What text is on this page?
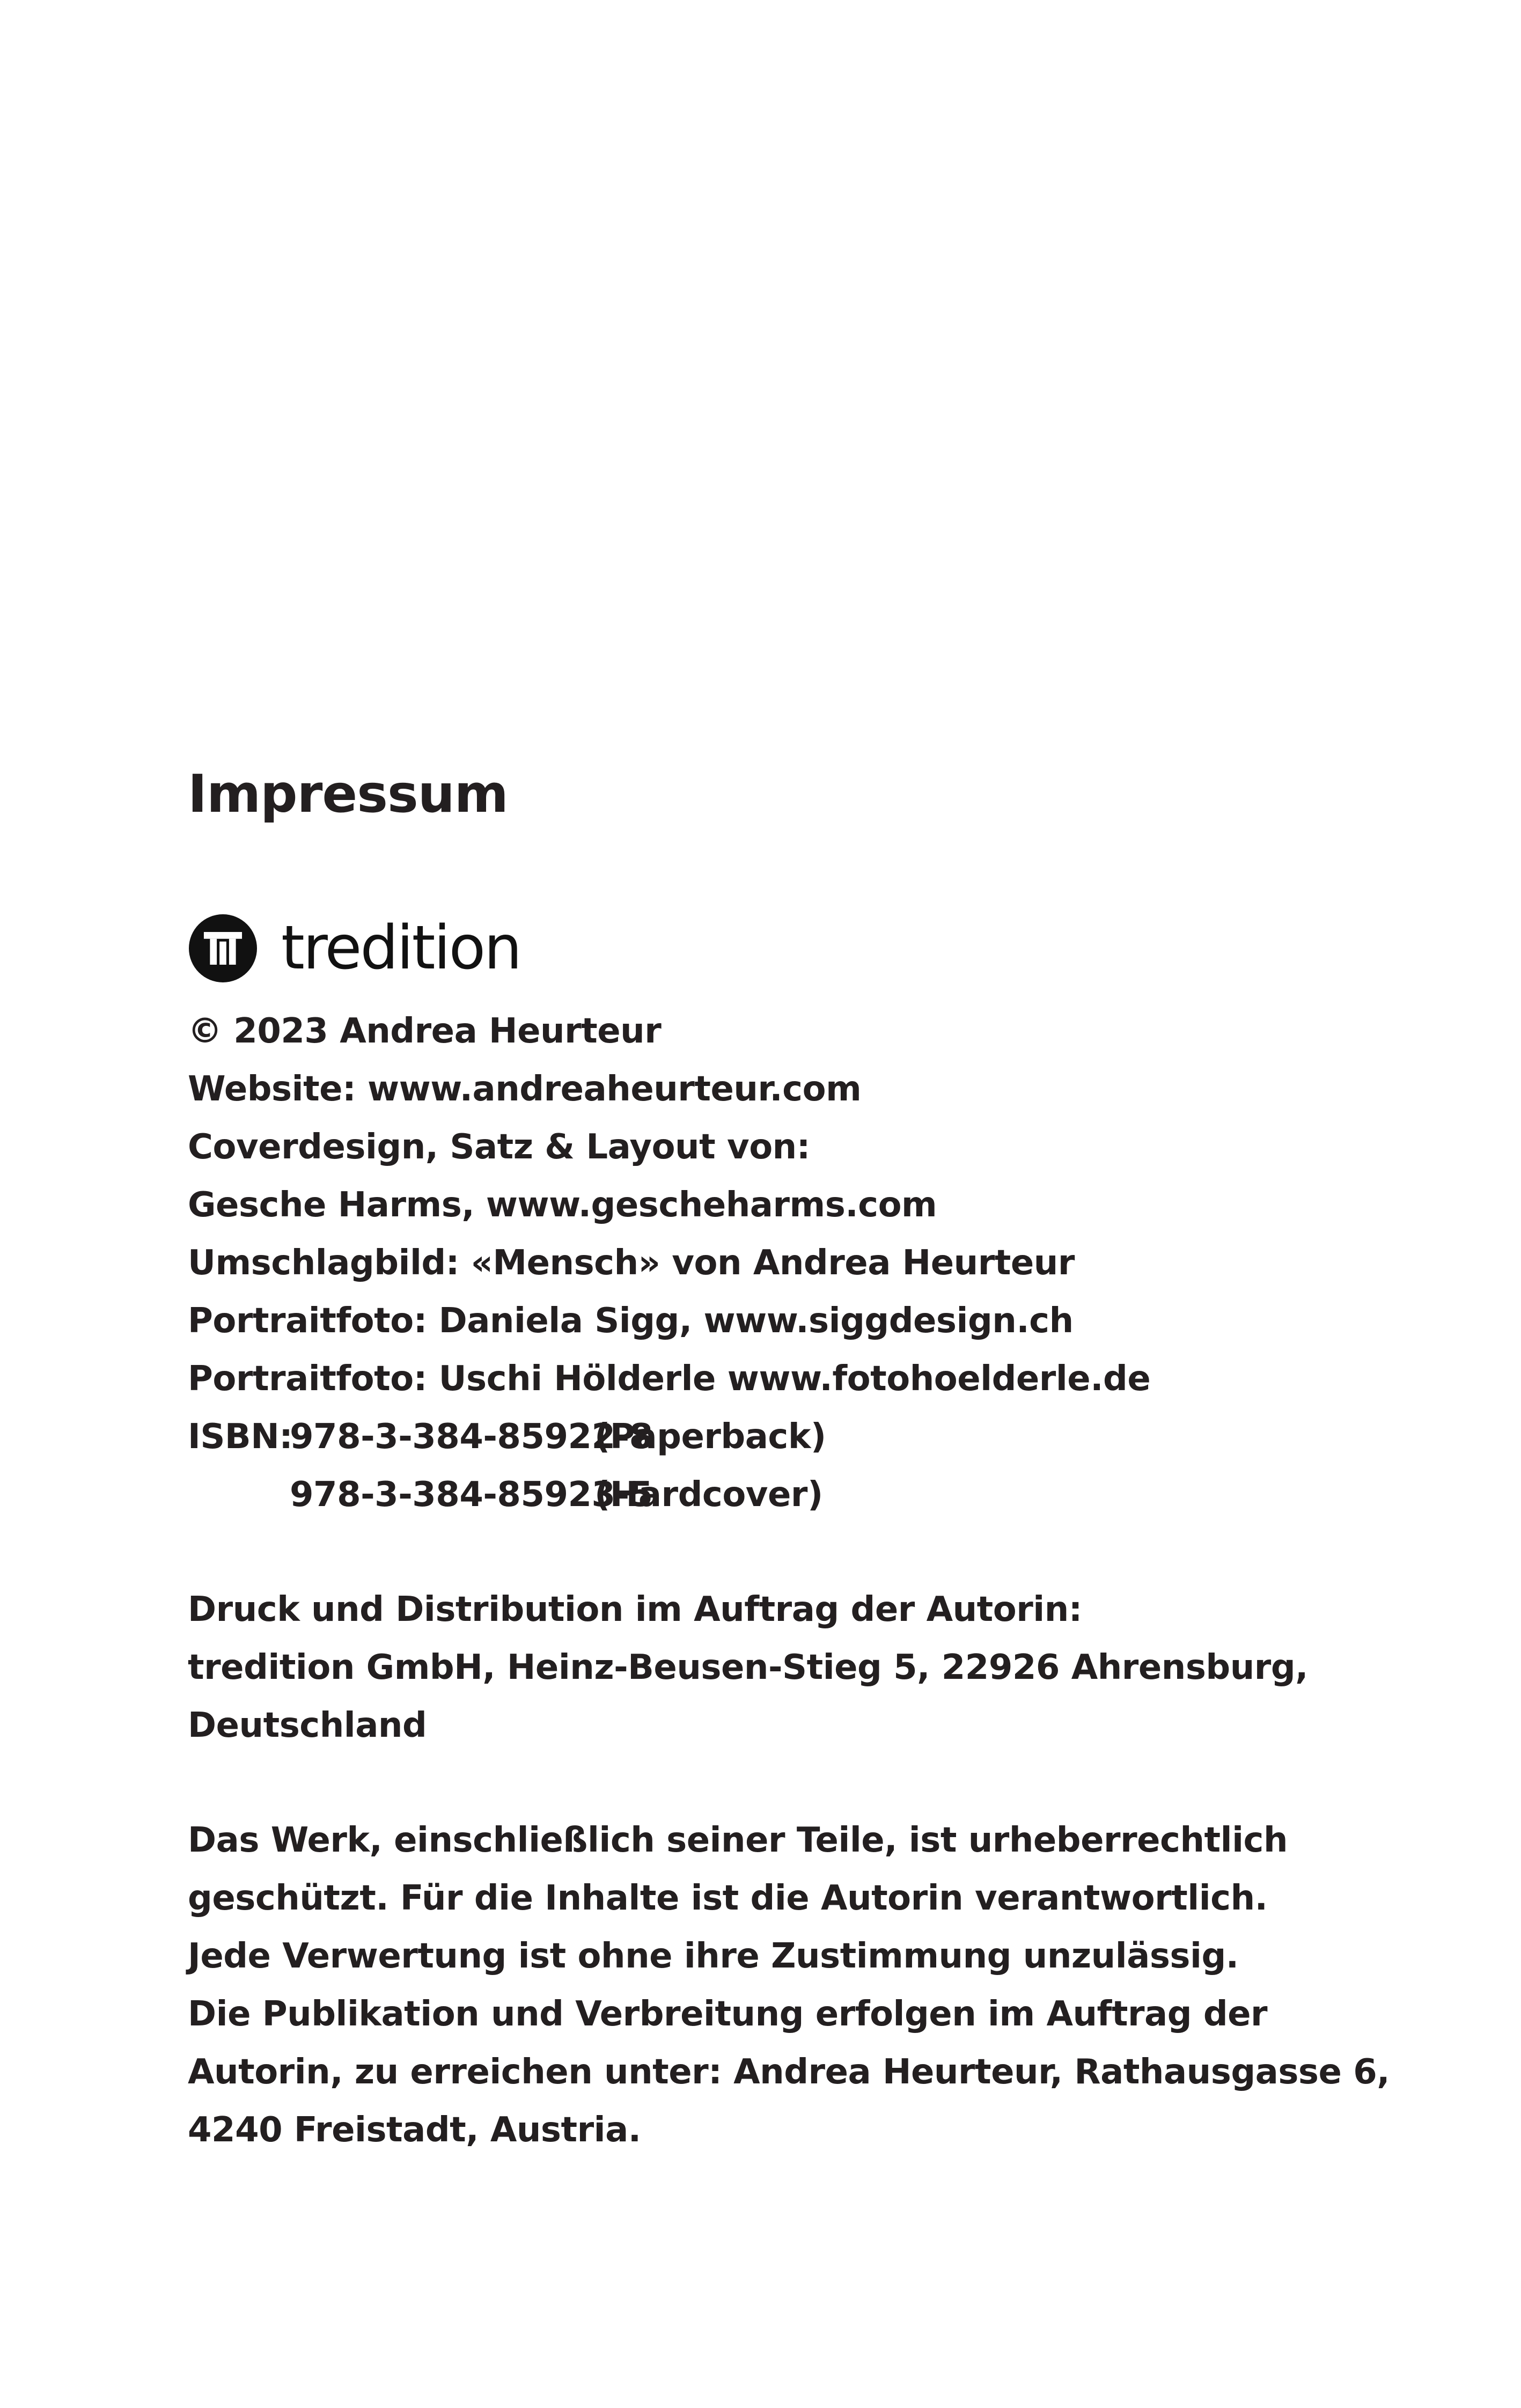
Impressum
tredition
© 2023 Andrea Heurteur
Website: www.andreaheurteur.com
Coverdesign, Satz & Layout von:
Gesche Harms, www.gescheharms.com
Umschlagbild: «Mensch» von Andrea Heurteur
Portraitfoto: Daniela Sigg, www.siggdesign.ch
Portraitfoto: Uschi Hölderle www.fotohoelderle.de
ISBN:978-3-384-85922-8(Paperback)
978-3-384-85923-5(Hardcover)
Druck und Distribution im Auftrag der Autorin:
tredition GmbH, Heinz-Beusen-Stieg 5, 22926 Ahrensburg,
Deutschland
Das Werk, einschließlich seiner Teile, ist urheberrechtlich
geschützt. Für die Inhalte ist die Autorin verantwortlich.
Jede Verwertung ist ohne ihre Zustimmung unzulässig.
Die Publikation und Verbreitung erfolgen im Auftrag der
Autorin, zu erreichen unter: Andrea Heurteur, Rathausgasse 6,
4240 Freistadt, Austria.
